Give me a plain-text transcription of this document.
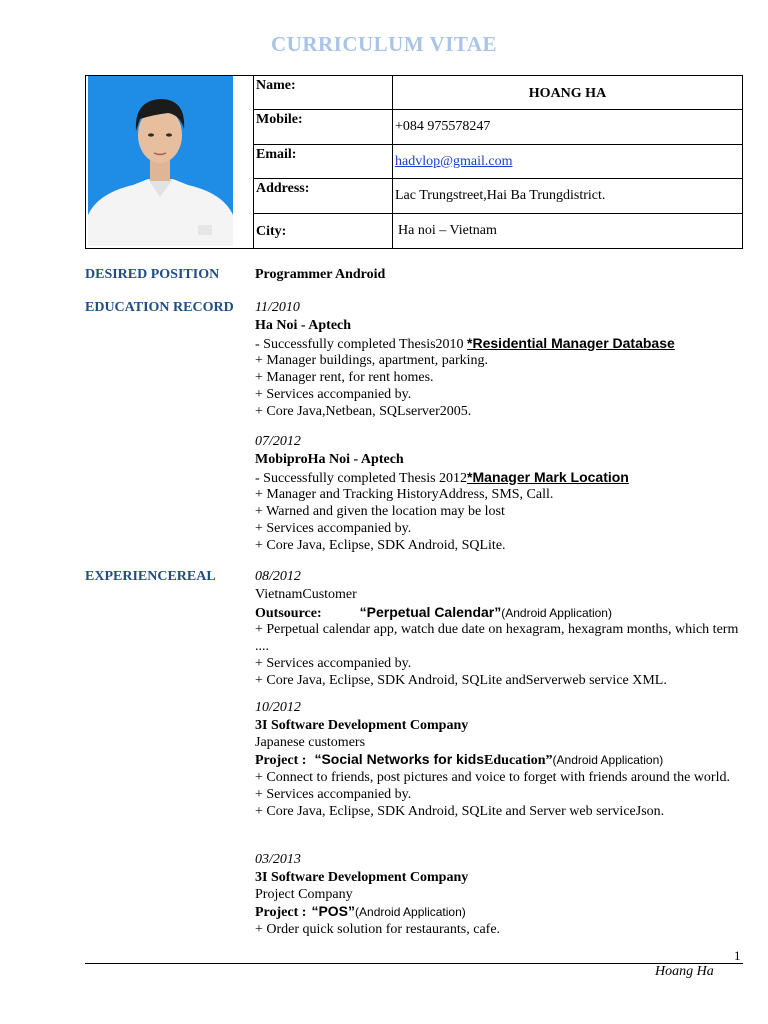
CURRICULUM VITAE
Name:	HOANG HA
Mobile:	+084 975578247
Email:	hadvlop@gmail.com
Address:	Lac Trungstreet,Hai Ba Trungdistrict.
City:	Ha noi – Vietnam
DESIRED POSITION	Programmer Android
EDUCATION RECORD 11/2010
Ha Noi - Aptech
- Successfully completed Thesis2010 *Residential Manager Database
+ Manager buildings, apartment, parking.
+ Manager rent, for rent homes.
+ Services accompanied by.
+ Core Java,Netbean, SQLserver2005.
07/2012
MobiproHa Noi - Aptech
- Successfully completed Thesis 2012*Manager Mark Location
+ Manager and Tracking HistoryAddress, SMS, Call.
+ Warned and given the location may be lost
+ Services accompanied by.
+ Core Java, Eclipse, SDK Android, SQLite.
EXPERIENCEREAL	08/2012
VietnamCustomer
Outsource:	“Perpetual Calendar”(Android Application)
+ Perpetual calendar app, watch due date on hexagram, hexagram months, which term ....
+ Services accompanied by.
+ Core Java, Eclipse, SDK Android, SQLite andServerweb service XML.
10/2012
3I Software Development Company
Japanese customers
Project : “Social Networks for kidsEducation”(Android Application)
+ Connect to friends, post pictures and voice to forget with friends around the world.
+ Services accompanied by.
+ Core Java, Eclipse, SDK Android, SQLite and Server web serviceJson.
03/2013
3I Software Development Company
Project Company
Project : “POS”(Android Application)
+ Order quick solution for restaurants, cafe.
1
Hoang Ha
